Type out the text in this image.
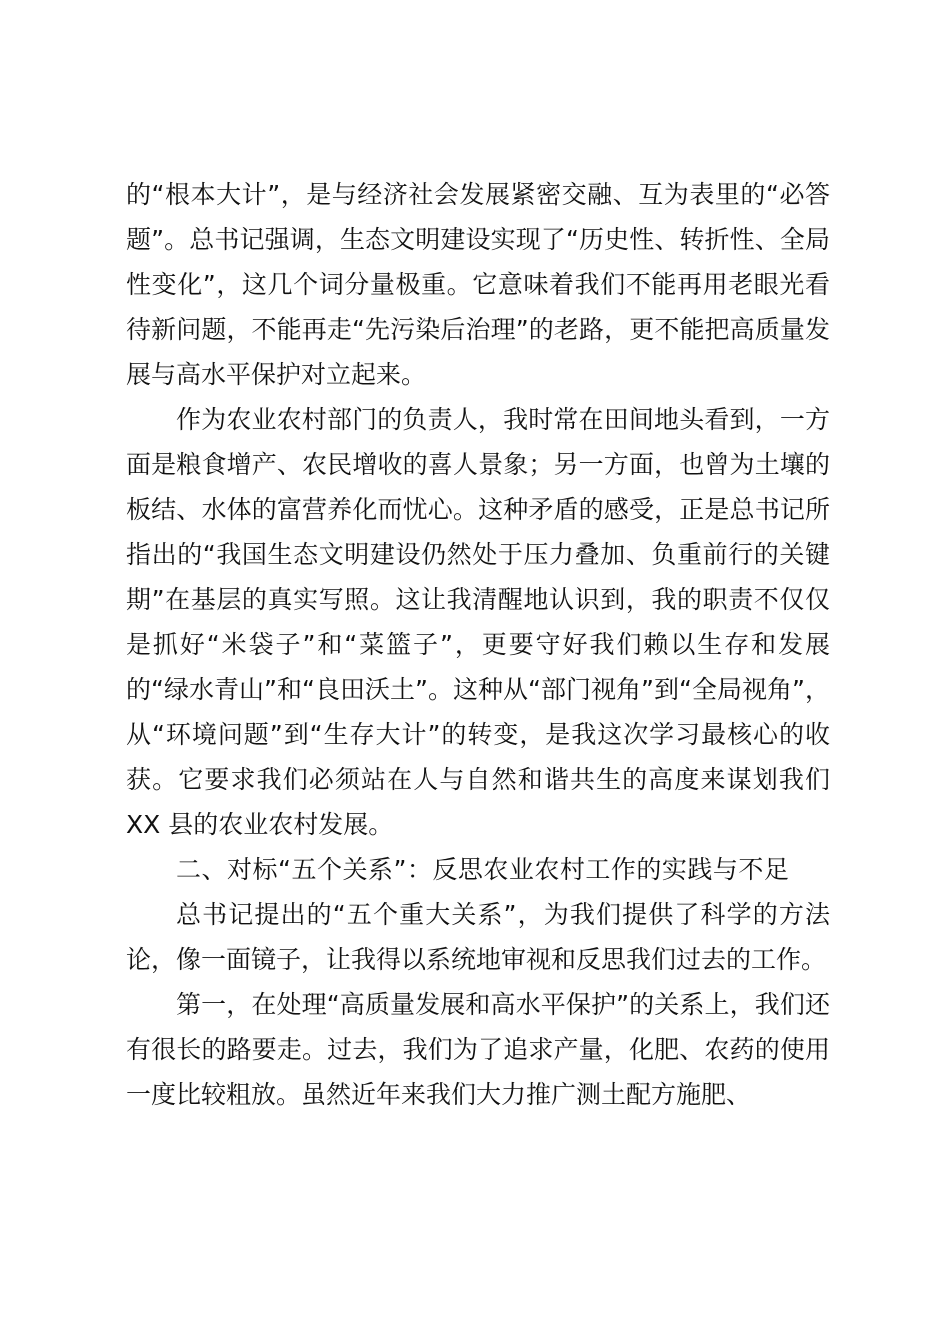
的“根本大计”，是与经济社会发展紧密交融、互为表里的“必答题”。总书记强调，生态文明建设实现了“历史性、转折性、全局性变化”，这几个词分量极重。它意味着我们不能再用老眼光看待新问题，不能再走“先污染后治理”的老路，更不能把高质量发展与高水平保护对立起来。

作为农业农村部门的负责人，我时常在田间地头看到，一方面是粮食增产、农民增收的喜人景象；另一方面，也曾为土壤的板结、水体的富营养化而忧心。这种矛盾的感受，正是总书记所指出的“我国生态文明建设仍然处于压力叠加、负重前行的关键期”在基层的真实写照。这让我清醒地认识到，我的职责不仅仅是抓好“米袋子”和“菜篮子”，更要守好我们赖以生存和发展的“绿水青山”和“良田沃土”。这种从“部门视角”到“全局视角”，从“环境问题”到“生存大计”的转变，是我这次学习最核心的收获。它要求我们必须站在人与自然和谐共生的高度来谋划我们 XX 县的农业农村发展。

二、对标“五个关系”：反思农业农村工作的实践与不足

总书记提出的“五个重大关系”，为我们提供了科学的方法论，像一面镜子，让我得以系统地审视和反思我们过去的工作。

第一，在处理“高质量发展和高水平保护”的关系上，我们还有很长的路要走。过去，我们为了追求产量，化肥、农药的使用一度比较粗放。虽然近年来我们大力推广测土配方施肥、
